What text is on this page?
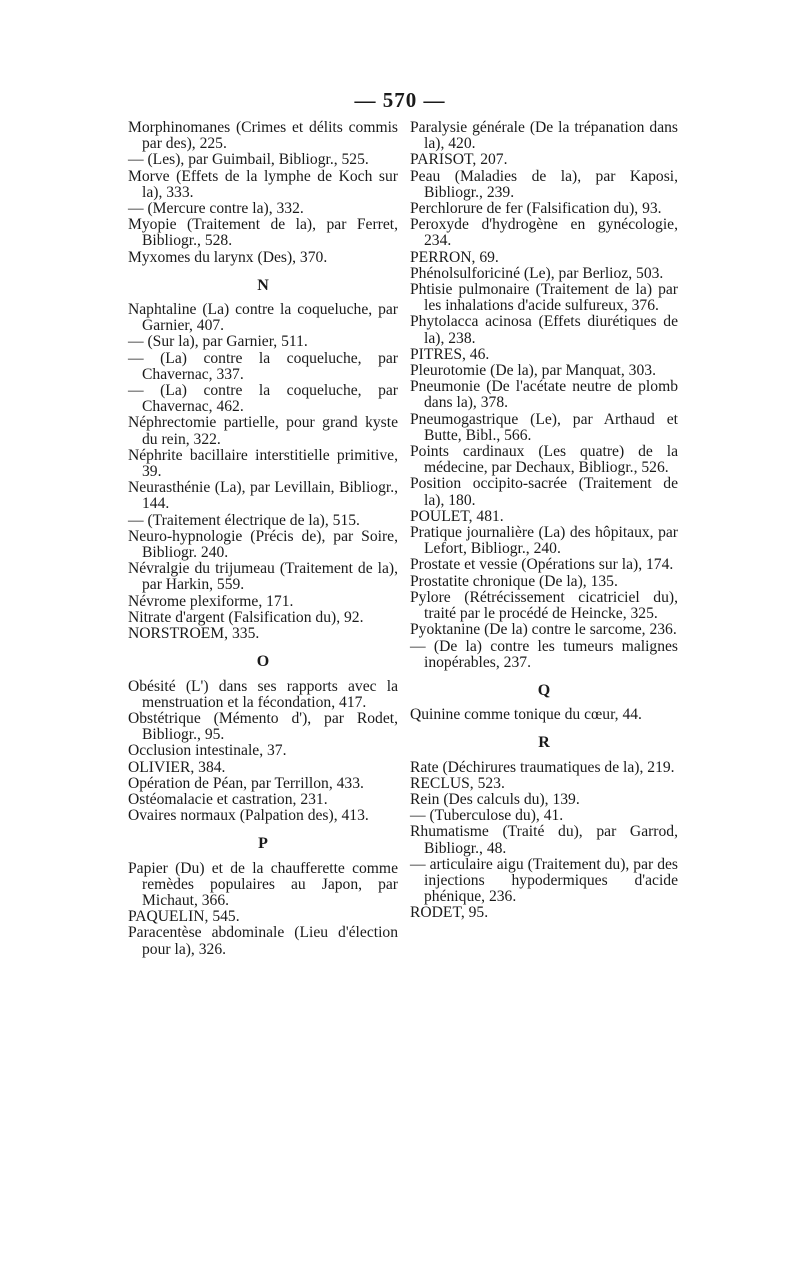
— 570 —
Morphinomanes (Crimes et délits commis par des), 225.
— (Les), par Guimbail, Bibliogr., 525.
Morve (Effets de la lymphe de Koch sur la), 333.
— (Mercure contre la), 332.
Myopie (Traitement de la), par Ferret, Bibliogr., 528.
Myxomes du larynx (Des), 370.
N
Naphtaline (La) contre la coqueluche, par Garnier, 407.
— (Sur la), par Garnier, 511.
— (La) contre la coqueluche, par Chavernac, 337.
— (La) contre la coqueluche, par Chavernac, 462.
Néphrectomie partielle, pour grand kyste du rein, 322.
Néphrite bacillaire interstitielle primitive, 39.
Neurasthénie (La), par Levillain, Bibliogr., 144.
— (Traitement électrique de la), 515.
Neuro-hypnologie (Précis de), par Soire, Bibliogr. 240.
Névralgie du trijumeau (Traitement de la), par Harkin, 559.
Névrome plexiforme, 171.
Nitrate d'argent (Falsification du), 92.
NORSTROEM, 335.
O
Obésité (L') dans ses rapports avec la menstruation et la fécondation, 417.
Obstétrique (Mémento d'), par Rodet, Bibliogr., 95.
Occlusion intestinale, 37.
OLIVIER, 384.
Opération de Péan, par Terrillon, 433.
Ostéomalacie et castration, 231.
Ovaires normaux (Palpation des), 413.
P
Papier (Du) et de la chaufferette comme remèdes populaires au Japon, par Michaut, 366.
PAQUELIN, 545.
Paracentèse abdominale (Lieu d'élection pour la), 326.
Paralysie générale (De la trépanation dans la), 420.
PARISOT, 207.
Peau (Maladies de la), par Kaposi, Bibliogr., 239.
Perchlorure de fer (Falsification du), 93.
Peroxyde d'hydrogène en gynécologie, 234.
PERRON, 69.
Phénolsulforiciné (Le), par Berlioz, 503.
Phtisie pulmonaire (Traitement de la) par les inhalations d'acide sulfureux, 376.
Phytolacca acinosa (Effets diurétiques de la), 238.
PITRES, 46.
Pleurotomie (De la), par Manquat, 303.
Pneumonie (De l'acétate neutre de plomb dans la), 378.
Pneumogastrique (Le), par Arthaud et Butte, Bibl., 566.
Points cardinaux (Les quatre) de la médecine, par Dechaux, Bibliogr., 526.
Position occipito-sacrée (Traitement de la), 180.
POULET, 481.
Pratique journalière (La) des hôpitaux, par Lefort, Bibliogr., 240.
Prostate et vessie (Opérations sur la), 174.
Prostatite chronique (De la), 135.
Pylore (Rétrécissement cicatriciel du), traité par le procédé de Heincke, 325.
Pyoktanine (De la) contre le sarcome, 236.
— (De la) contre les tumeurs malignes inopérables, 237.
Q
Quinine comme tonique du cœur, 44.
R
Rate (Déchirures traumatiques de la), 219.
RECLUS, 523.
Rein (Des calculs du), 139.
— (Tuberculose du), 41.
Rhumatisme (Traité du), par Garrod, Bibliogr., 48.
— articulaire aigu (Traitement du), par des injections hypodermiques d'acide phénique, 236.
RODET, 95.
